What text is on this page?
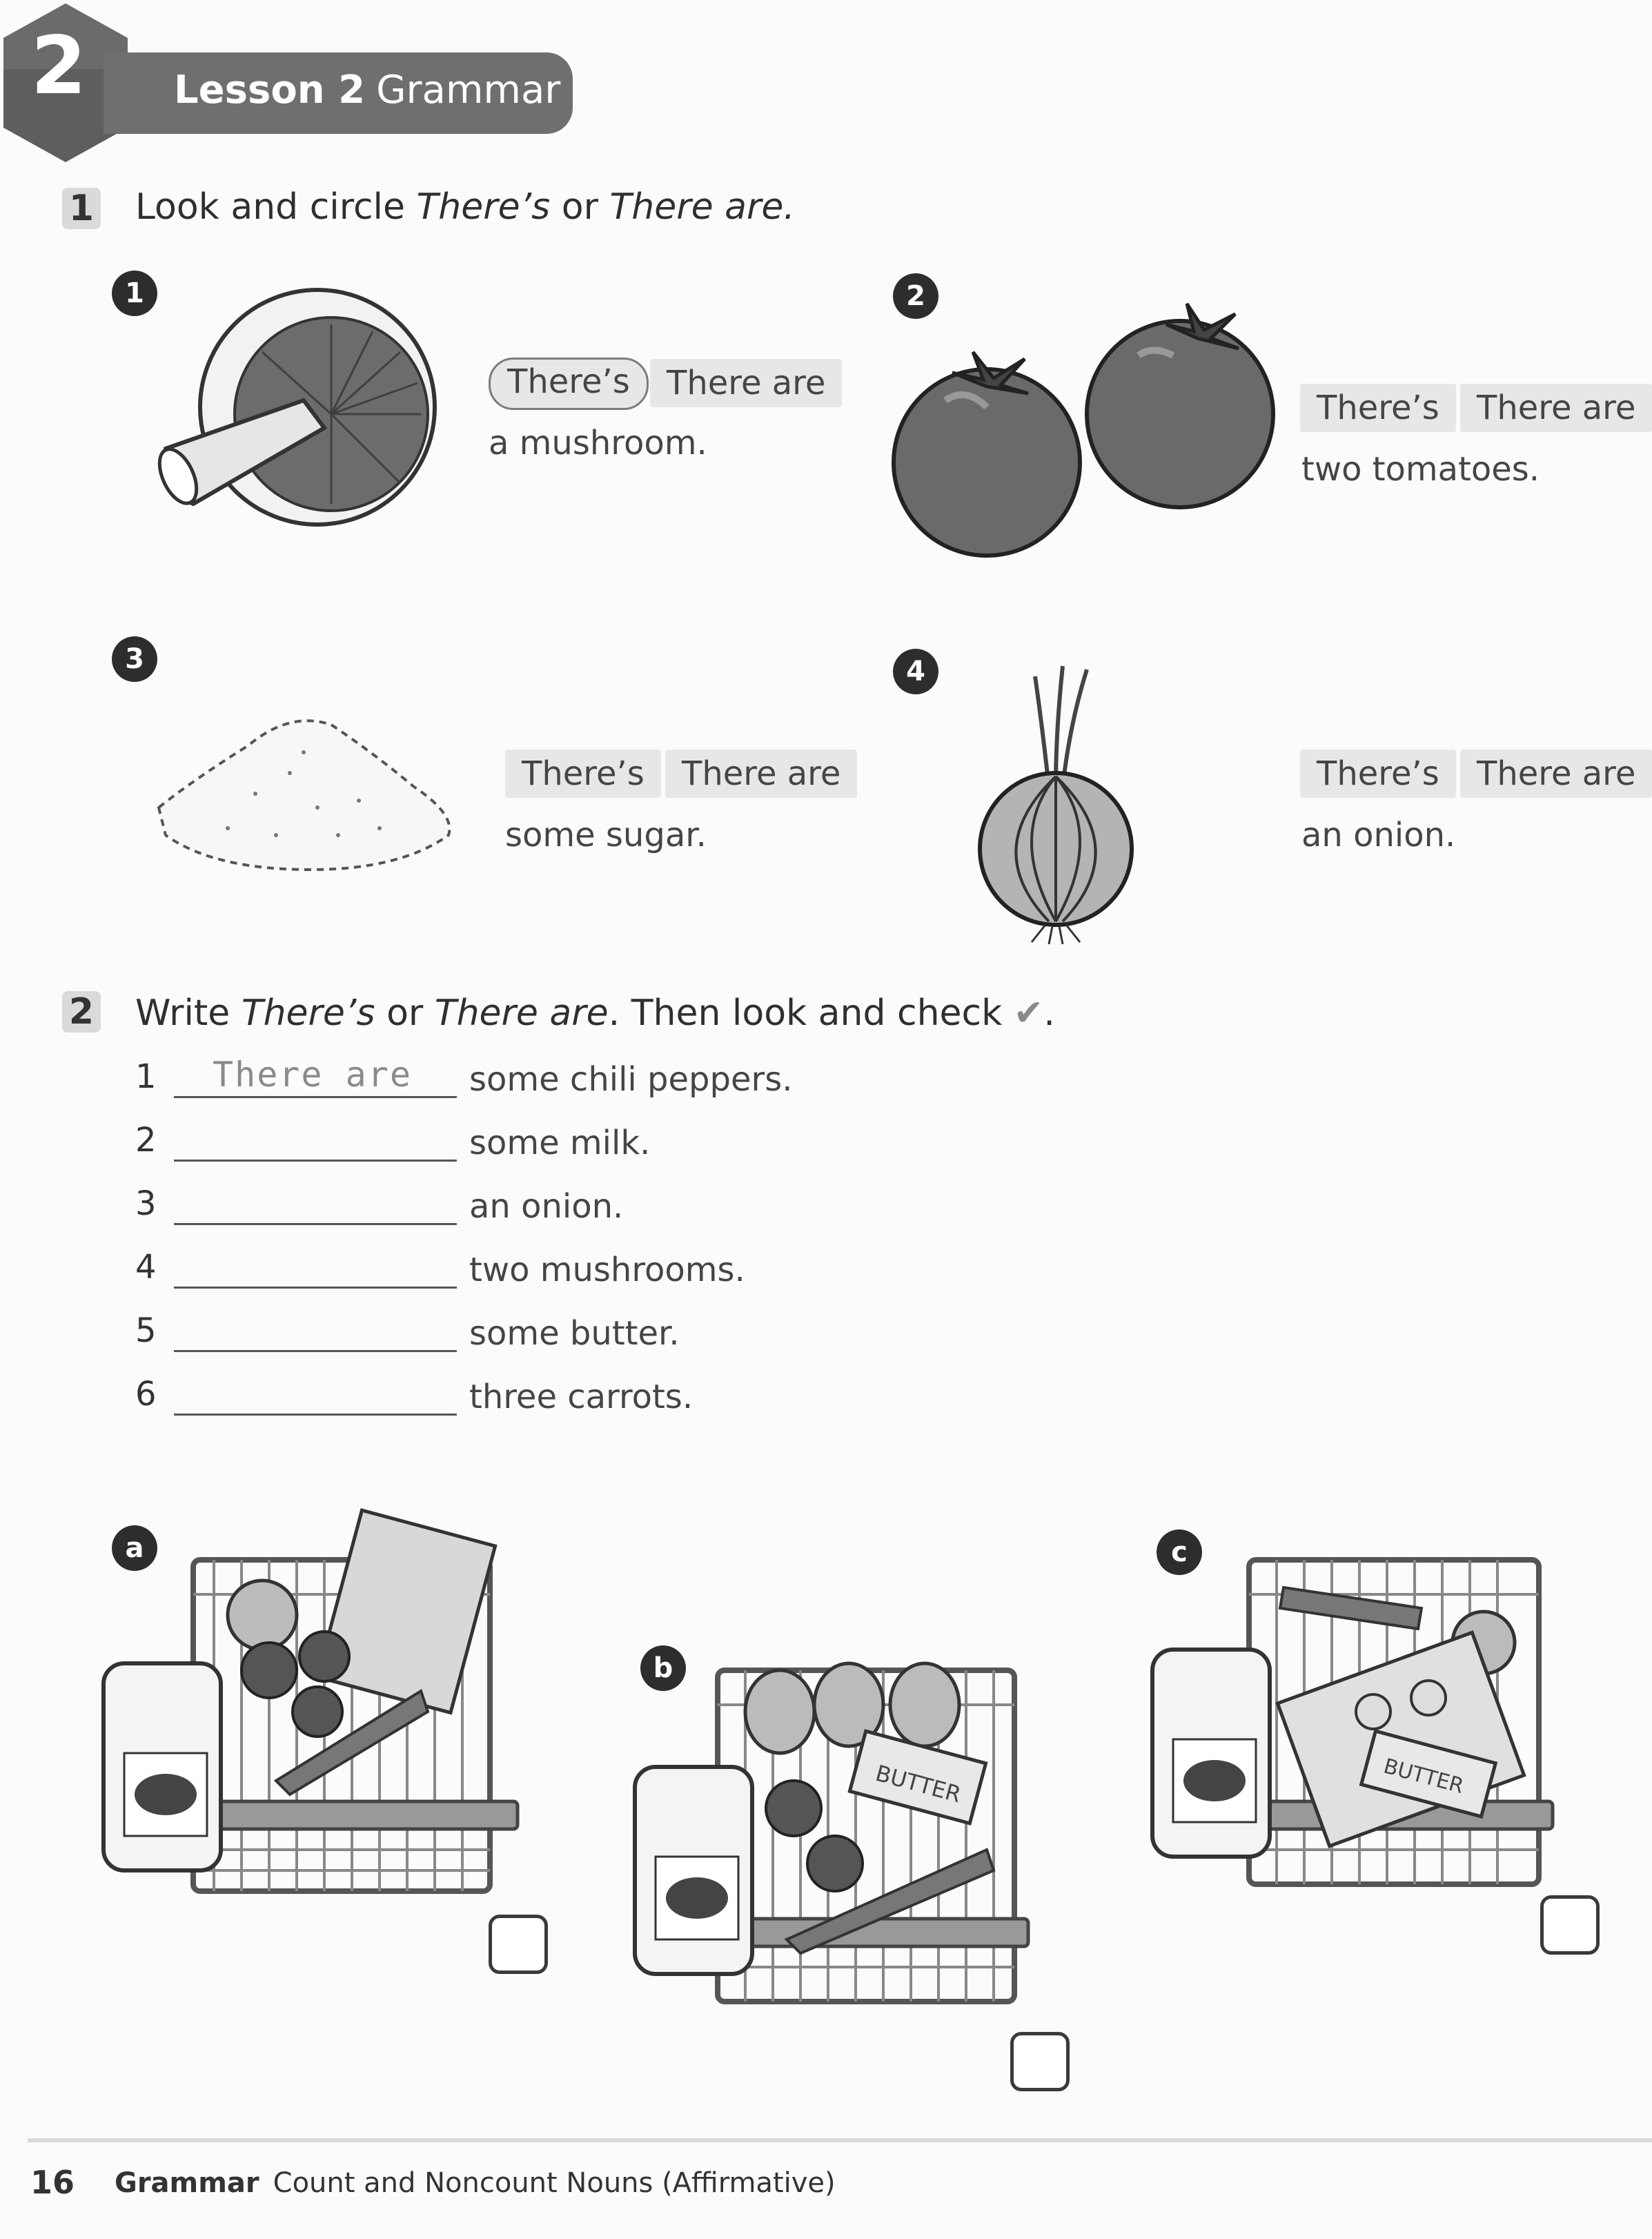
2	Lesson 2 Grammar
1 Look and circle There’s or There are.
1
There’s	There are
a mushroom.
2
There’s	There are
two tomatoes.
3
There’s	There are
some sugar.
4
There’s	There are
an onion.
2 Write There’s or There are. Then look and check ✔.
1 There are some chili peppers.
2	some milk.
3	an onion.
4	two mushrooms.
5	some butter.
6	three carrots.
a
b
BUTTER
c
BUTTER
16 Grammar Count and Noncount Nouns (Affirmative)
